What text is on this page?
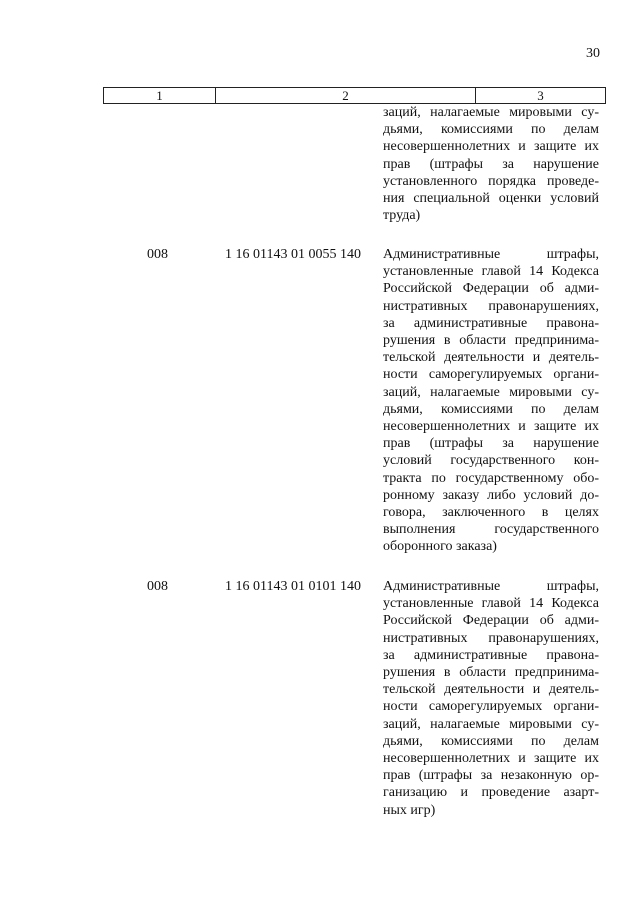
30
1	2	3
заций, налагаемые мировыми су-
дьями, комиссиями по делам
несовершеннолетних и защите их
прав (штрафы за нарушение
установленного порядка проведе-
ния специальной оценки условий
труда)
008	1 16 01143 01 0055 140 Административные штрафы,
установленные главой 14 Кодекса
Российской Федерации об адми-
нистративных правонарушениях,
за административные правона-
рушения в области предпринима-
тельской деятельности и деятель-
ности саморегулируемых органи-
заций, налагаемые мировыми су-
дьями, комиссиями по делам
несовершеннолетних и защите их
прав (штрафы за нарушение
условий государственного кон-
тракта по государственному обо-
ронному заказу либо условий до-
говора, заключенного в целях
выполнения государственного
оборонного заказа)
008	1 16 01143 01 0101 140 Административные штрафы,
установленные главой 14 Кодекса
Российской Федерации об адми-
нистративных правонарушениях,
за административные правона-
рушения в области предпринима-
тельской деятельности и деятель-
ности саморегулируемых органи-
заций, налагаемые мировыми су-
дьями, комиссиями по делам
несовершеннолетних и защите их
прав (штрафы за незаконную ор-
ганизацию и проведение азарт-
ных игр)
